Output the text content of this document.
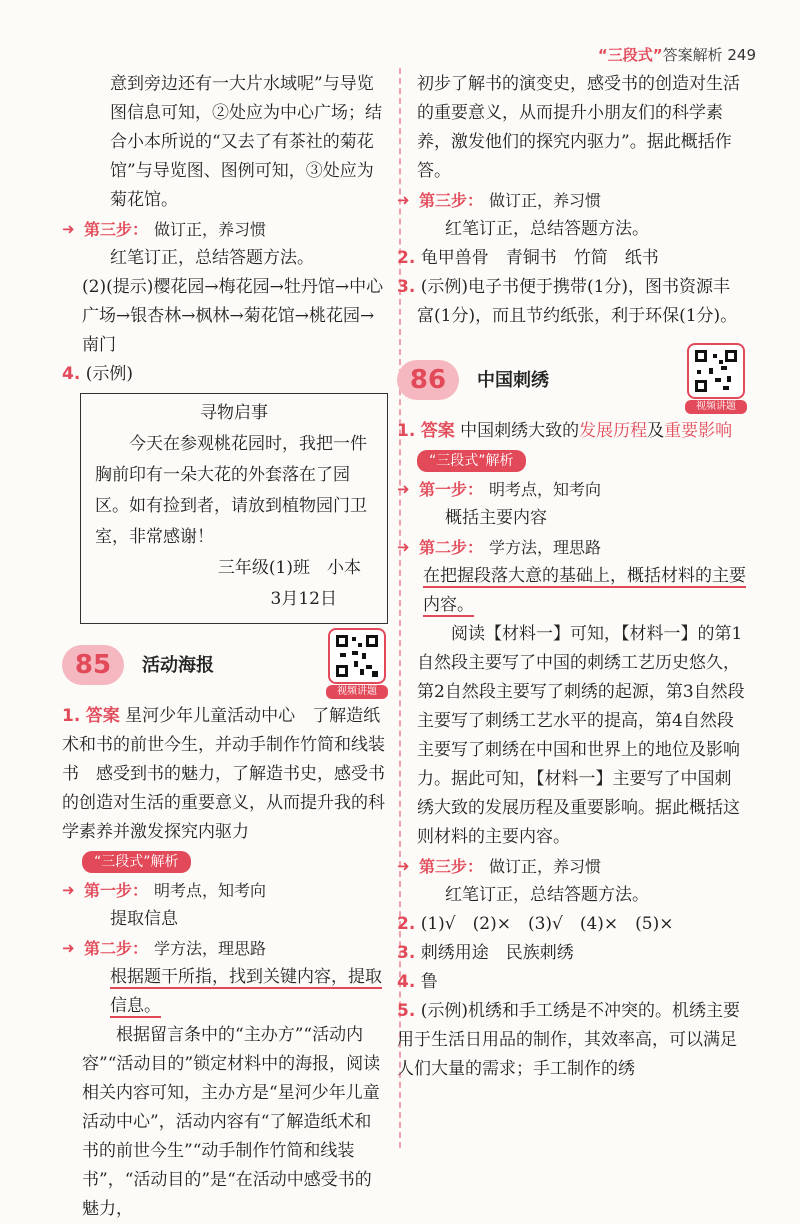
“三段式”答案解析 249

意到旁边还有一大片水域呢”与导览图信息可知，②处应为中心广场；结合小本所说的“又去了有茶社的菊花馆”与导览图、图例可知，③处应为菊花馆。

➜ 第三步： 做订正，养习惯

红笔订正，总结答题方法。

(2)(提示)樱花园→梅花园→牡丹馆→中心广场→银杏林→枫林→菊花馆→桃花园→南门

4. (示例)

寻物启事
今天在参观桃花园时，我把一件胸前印有一朵大花的外套落在了园区。如有捡到者，请放到植物园门卫室，非常感谢！
三年级(1)班　小本
3月12日
85	活动海报
视频讲题

1. 答案 星河少年儿童活动中心　了解造纸术和书的前世今生，并动手制作竹简和线装书　感受到书的魅力，了解造书史，感受书的创造对生活的重要意义，从而提升我的科学素养并激发探究内驱力

“三段式”解析
➜ 第一步： 明考点，知考向

提取信息

➜ 第二步： 学方法，理思路

根据题干所指，找到关键内容，提取信息。

根据留言条中的“主办方”“活动内容”“活动目的”锁定材料中的海报，阅读相关内容可知，主办方是“星河少年儿童活动中心”，活动内容有“了解造纸术和书的前世今生”“动手制作竹简和线装书”，“活动目的”是“在活动中感受书的魅力，

初步了解书的演变史，感受书的创造对生活的重要意义，从而提升小朋友们的科学素养，激发他们的探究内驱力”。据此概括作答。

➜ 第三步： 做订正，养习惯

红笔订正，总结答题方法。

2. 龟甲兽骨　青铜书　竹简　纸书

3. (示例)电子书便于携带(1分)，图书资源丰富(1分)，而且节约纸张，利于环保(1分)。

86	中国刺绣
视频讲题

1. 答案 中国刺绣大致的发展历程及重要影响

“三段式”解析
➜ 第一步： 明考点，知考向

概括主要内容

➜ 第二步： 学方法，理思路

在把握段落大意的基础上，概括材料的主要内容。

阅读【材料一】可知，【材料一】的第1自然段主要写了中国的刺绣工艺历史悠久，第2自然段主要写了刺绣的起源，第3自然段主要写了刺绣工艺水平的提高，第4自然段主要写了刺绣在中国和世界上的地位及影响力。据此可知，【材料一】主要写了中国刺绣大致的发展历程及重要影响。据此概括这则材料的主要内容。

➜ 第三步： 做订正，养习惯

红笔订正，总结答题方法。

2. (1)√　(2)×　(3)√　(4)×　(5)×

3. 刺绣用途　民族刺绣

4. 鲁

5. (示例)机绣和手工绣是不冲突的。机绣主要用于生活日用品的制作，其效率高，可以满足人们大量的需求；手工制作的绣
